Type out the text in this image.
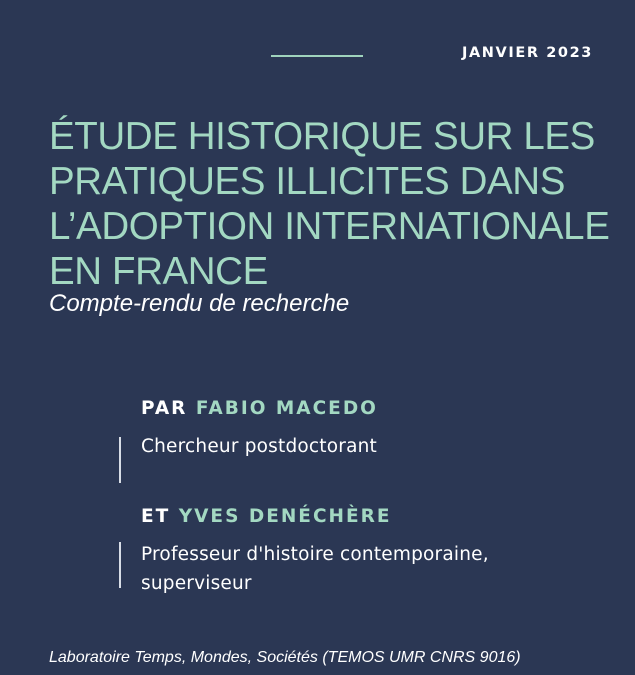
JANVIER 2023
ÉTUDE HISTORIQUE SUR LES
PRATIQUES ILLICITES DANS
L’ADOPTION INTERNATIONALE
EN FRANCE
Compte-rendu de recherche
PAR FABIO MACEDO
Chercheur postdoctorant
ET YVES DENÉCHÈRE
Professeur d'histoire contemporaine,
superviseur
Laboratoire Temps, Mondes, Sociétés (TEMOS UMR CNRS 9016)
